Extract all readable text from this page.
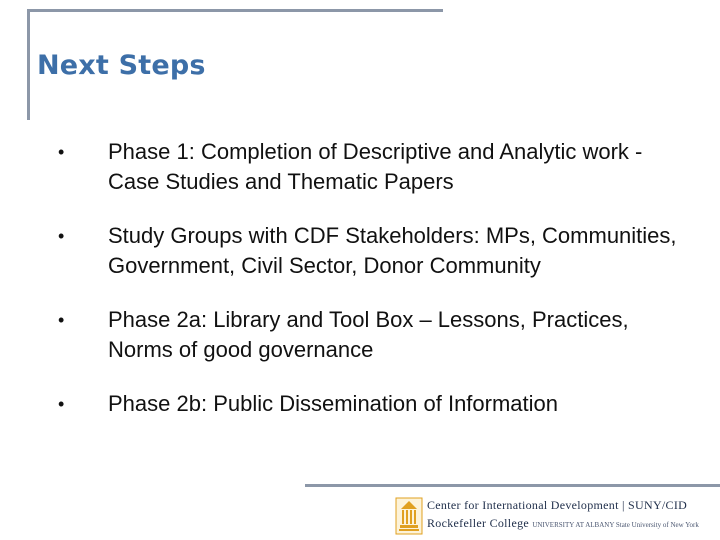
Next Steps
• Phase 1: Completion of Descriptive and Analytic work - Case Studies and Thematic Papers
• Study Groups with CDF Stakeholders: MPs, Communities, Government, Civil Sector, Donor Community
• Phase 2a: Library and Tool Box – Lessons, Practices, Norms of good governance
• Phase 2b: Public Dissemination of Information
Center for International Development | SUNY/CID
Rockefeller College UNIVERSITY AT ALBANY State University of New York
